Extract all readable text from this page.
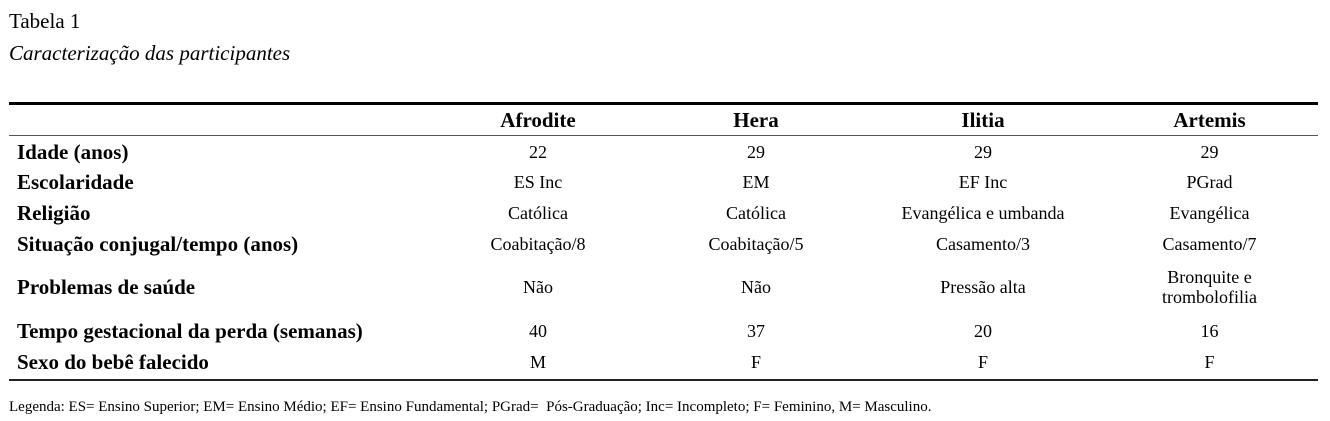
Tabela 1
Caracterização das participantes
	Afrodite	Hera	Ilitia	Artemis
Idade (anos)	22	29	29	29
Escolaridade	ES Inc	EM	EF Inc	PGrad
Religião	Católica	Católica	Evangélica e umbanda	Evangélica
Situação conjugal/tempo (anos)	Coabitação/8	Coabitação/5	Casamento/3	Casamento/7
Problemas de saúde	Não	Não	Pressão alta	Bronquite e trombolofilia
Tempo gestacional da perda (semanas)	40	37	20	16
Sexo do bebê falecido	M	F	F	F
Legenda: ES= Ensino Superior; EM= Ensino Médio; EF= Ensino Fundamental; PGrad=  Pós-Graduação; Inc= Incompleto; F= Feminino, M= Masculino.
